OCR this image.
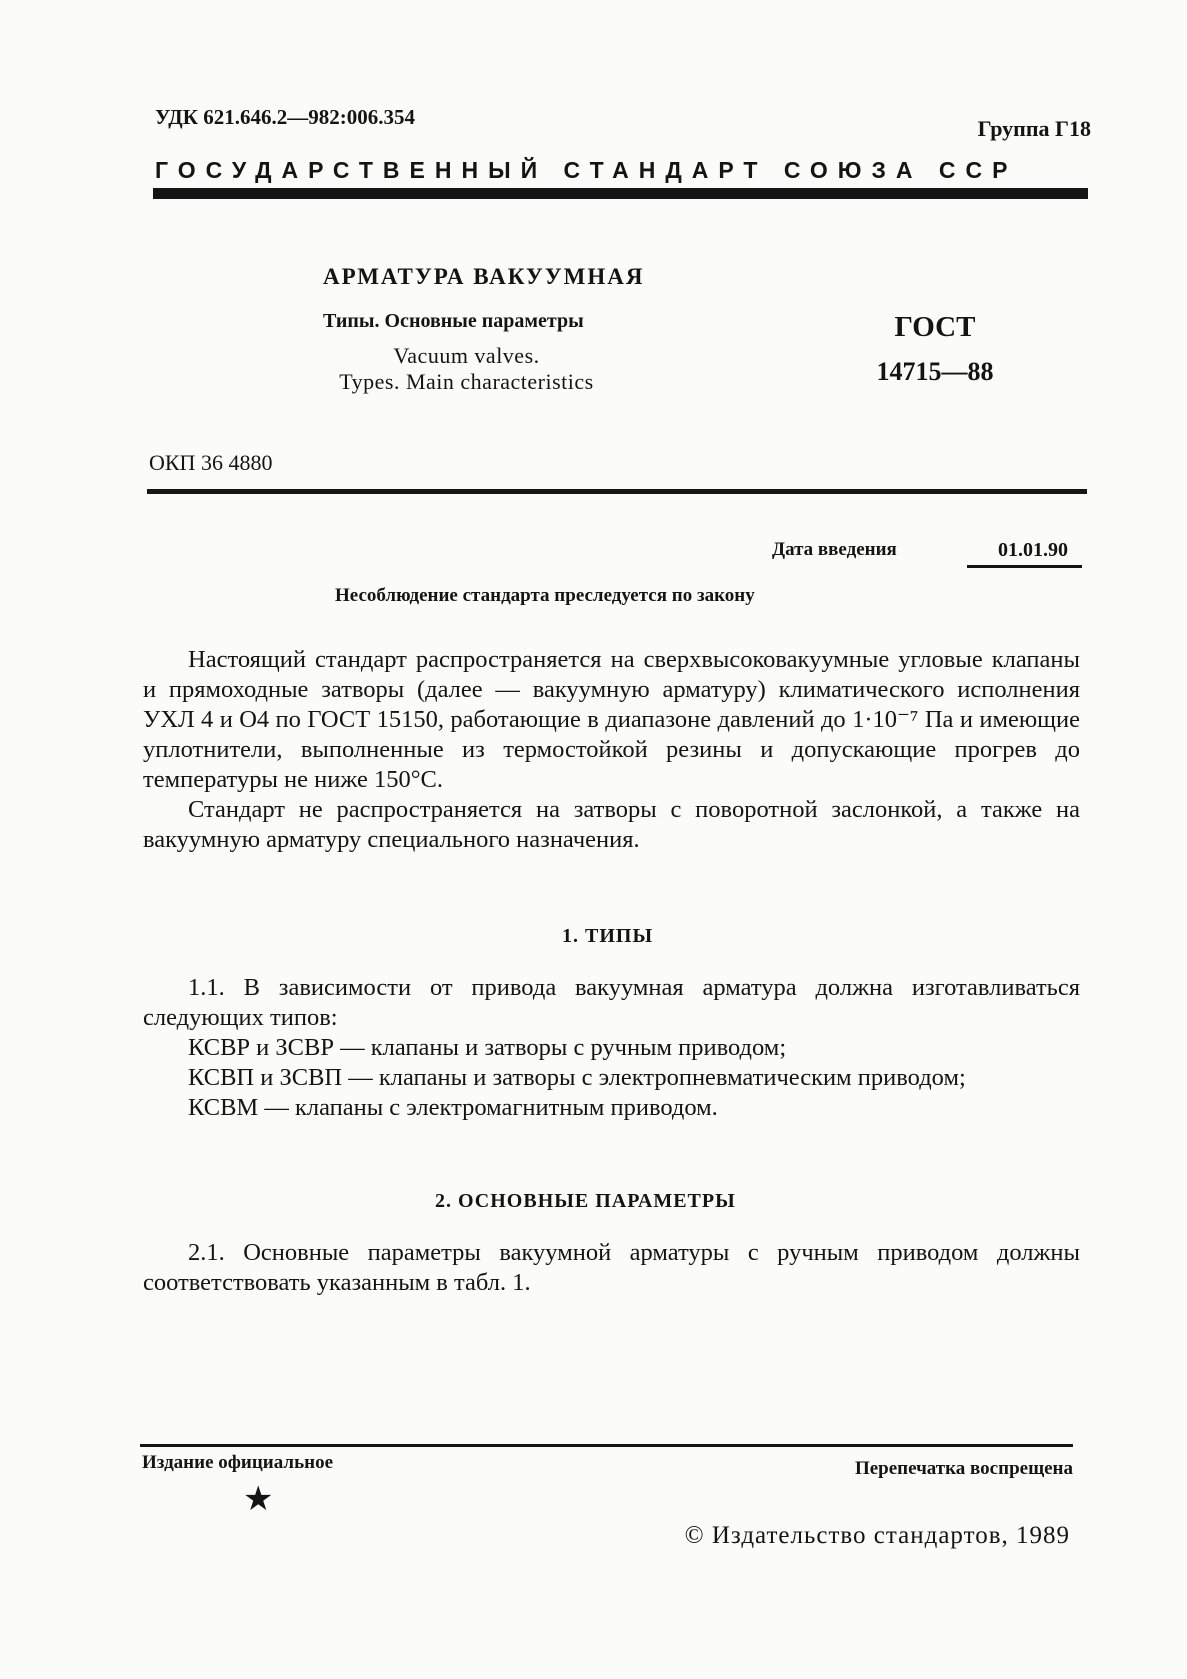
УДК 621.646.2—982:006.354	Группа Г18
ГОСУДАРСТВЕННЫЙ СТАНДАРТ СОЮЗА ССР
АРМАТУРА ВАКУУМНАЯ
Типы. Основные параметры
Vacuum valves.
Types. Main characteristics
ГОСТ
14715—88
ОКП 36 4880
Дата введения	01.01.90
Несоблюдение стандарта преследуется по закону
Настоящий стандарт распространяется на сверхвысоковакуумные угловые клапаны и прямоходные затворы (далее — вакуумную арматуру) климатического исполнения УХЛ 4 и О4 по ГОСТ 15150, работающие в диапазоне давлений до 1·10⁻⁷ Па и имеющие уплотнители, выполненные из термостойкой резины и допускающие прогрев до температуры не ниже 150°С.
Стандарт не распространяется на затворы с поворотной заслонкой, а также на вакуумную арматуру специального назначения.
1. ТИПЫ

1.1. В зависимости от привода вакуумная арматура должна изготавливаться следующих типов:

КСВР и ЗСВР — клапаны и затворы с ручным приводом;

КСВП и ЗСВП — клапаны и затворы с электропневматическим приводом;

КСВМ — клапаны с электромагнитным приводом.

2. ОСНОВНЫЕ ПАРАМЕТРЫ
2.1. Основные параметры вакуумной арматуры с ручным приводом должны соответствовать указанным в табл. 1.
Издание официальное	Перепечатка воспрещена
★
© Издательство стандартов, 1989
